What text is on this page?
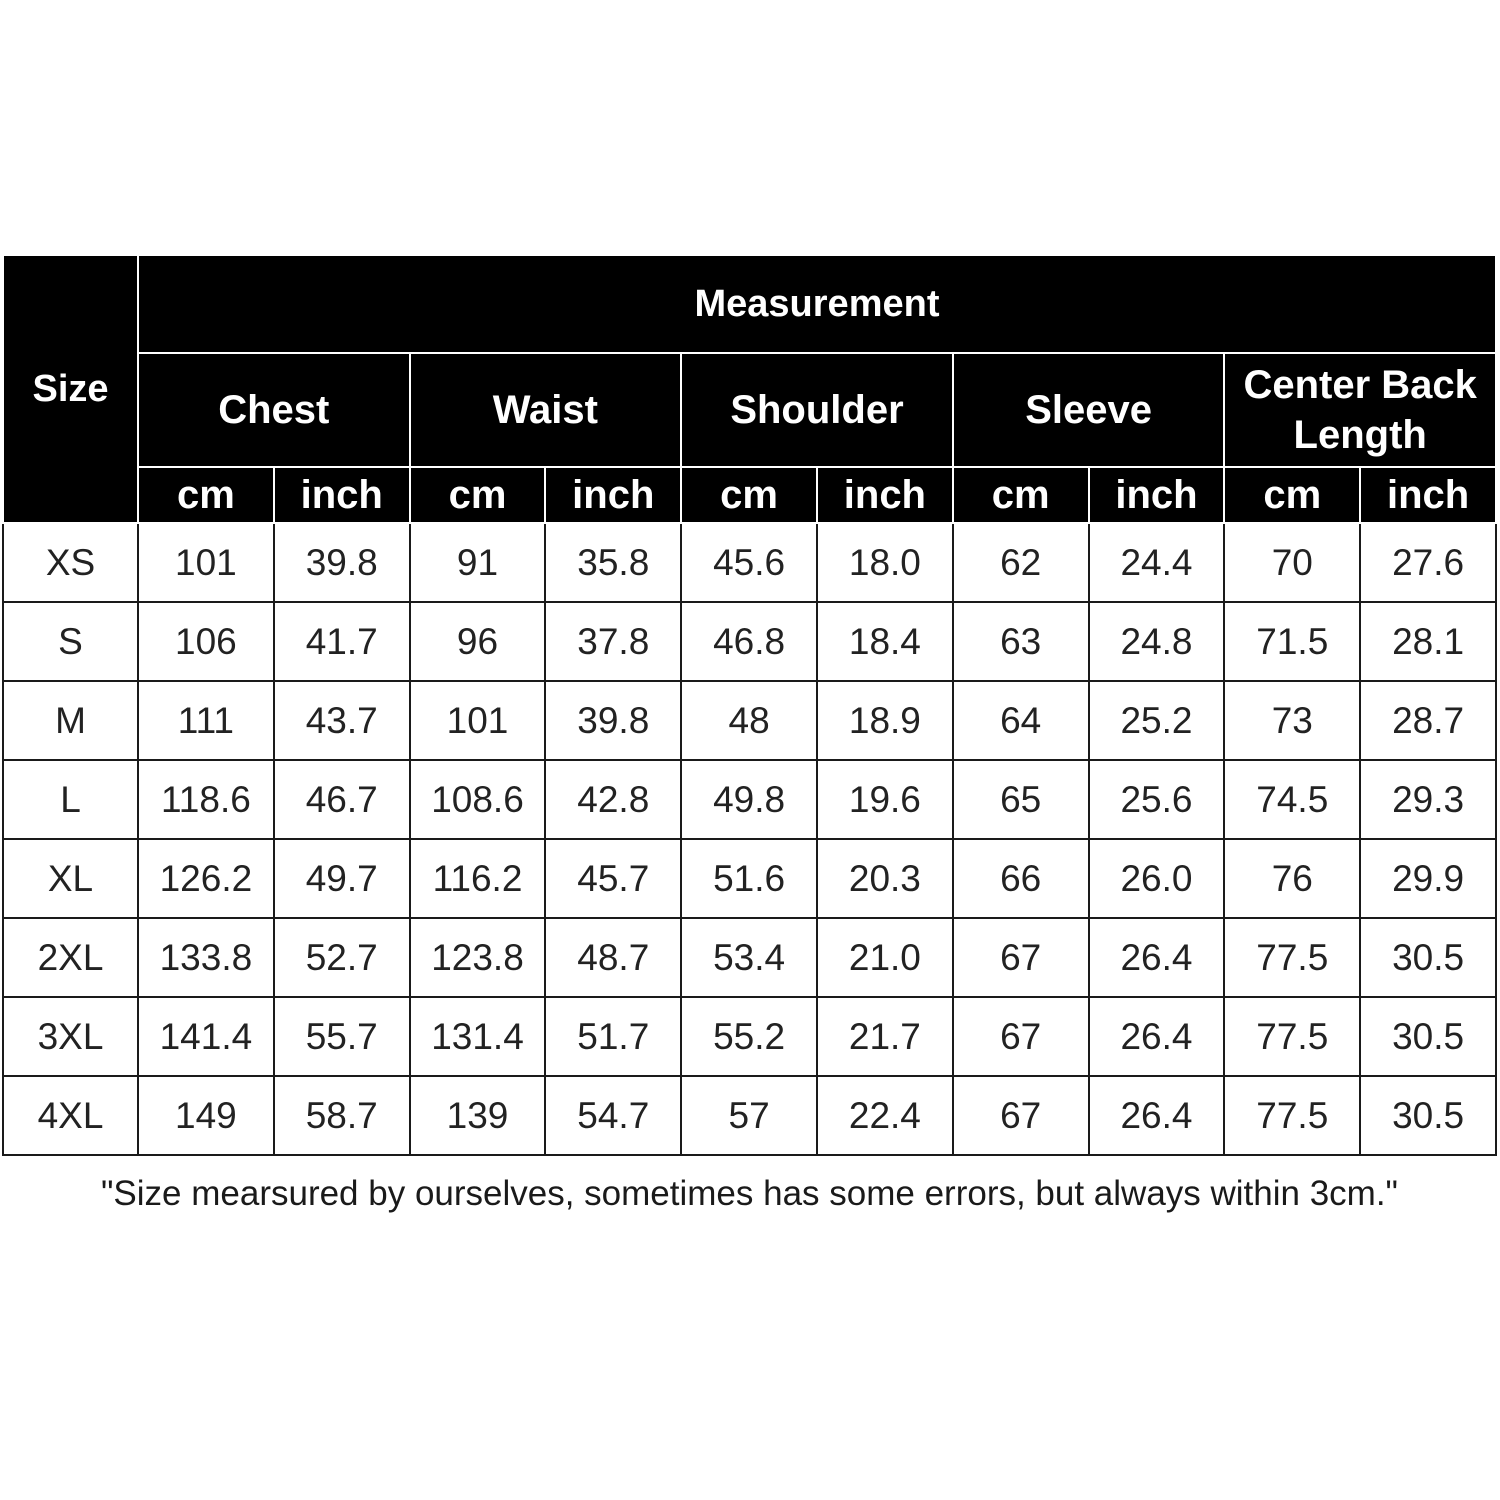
Size	Measurement									
	Chest		Waist		Shoulder		Sleeve		Center Back Length	
	cm	inch	cm	inch	cm	inch	cm	inch	cm	inch
XS	101	39.8	91	35.8	45.6	18.0	62	24.4	70	27.6
S	106	41.7	96	37.8	46.8	18.4	63	24.8	71.5	28.1
M	111	43.7	101	39.8	48	18.9	64	25.2	73	28.7
L	118.6	46.7	108.6	42.8	49.8	19.6	65	25.6	74.5	29.3
XL	126.2	49.7	116.2	45.7	51.6	20.3	66	26.0	76	29.9
2XL	133.8	52.7	123.8	48.7	53.4	21.0	67	26.4	77.5	30.5
3XL	141.4	55.7	131.4	51.7	55.2	21.7	67	26.4	77.5	30.5
4XL	149	58.7	139	54.7	57	22.4	67	26.4	77.5	30.5
"Size mearsured by ourselves, sometimes has some errors, but always within 3cm."										
